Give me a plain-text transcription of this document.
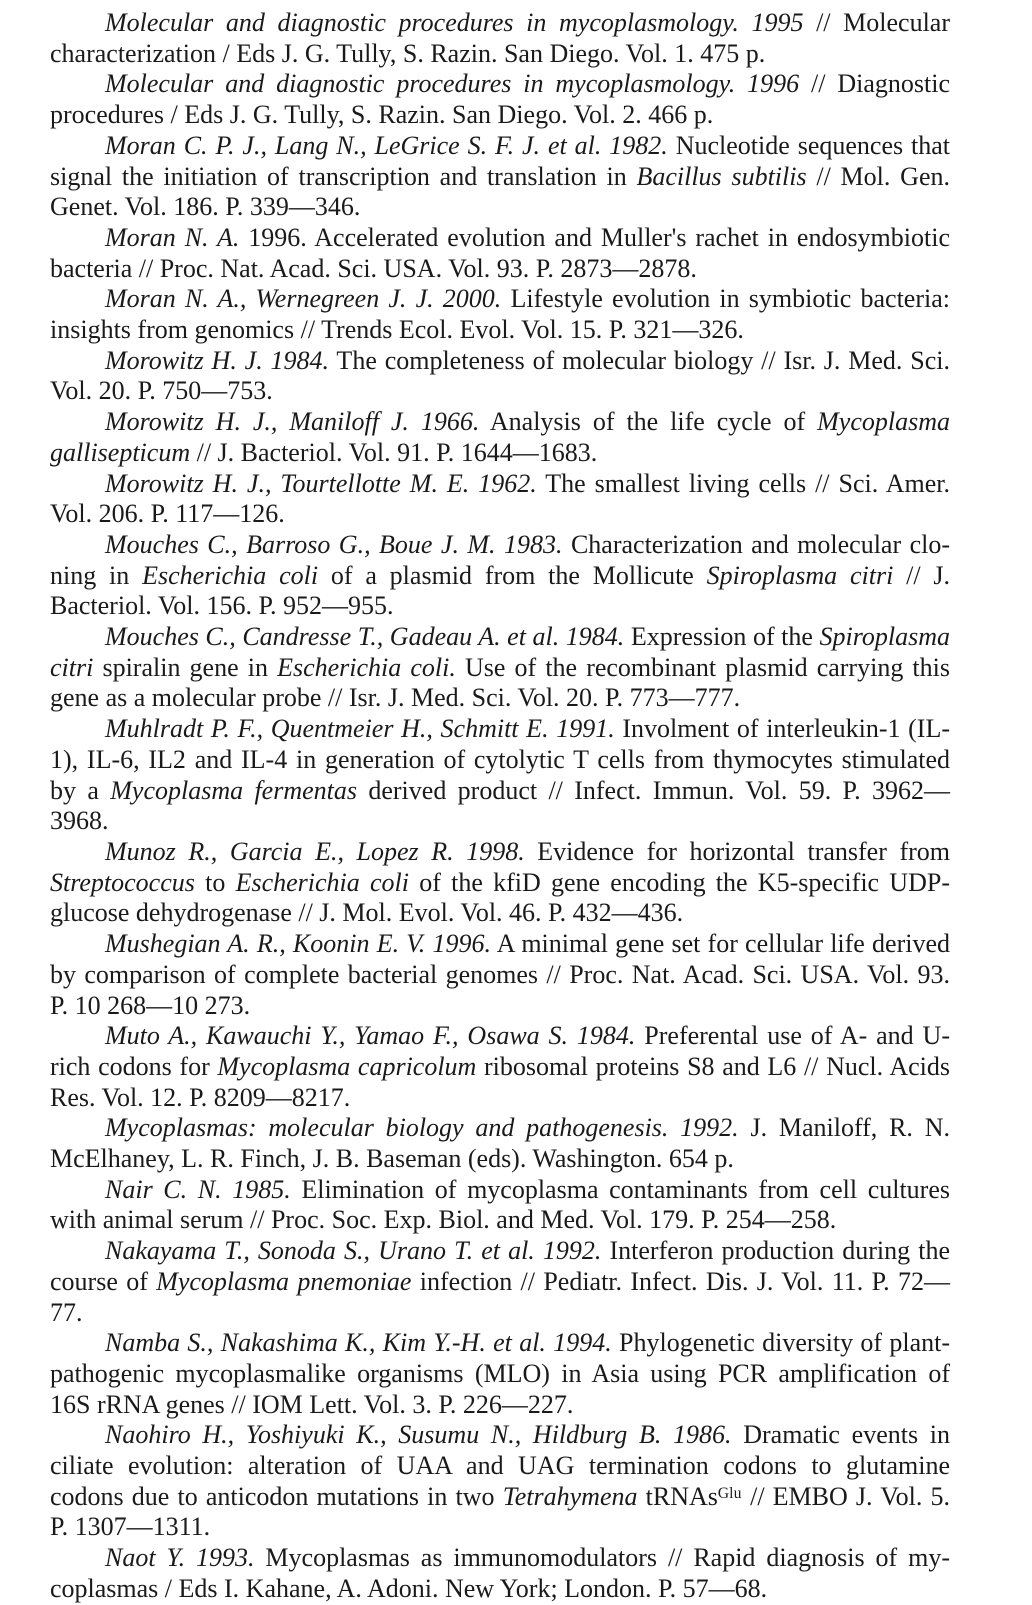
Molecular and diagnostic procedures in mycoplasmology. 1995 // Molecular characterization / Eds J. G. Tully, S. Razin. San Diego. Vol. 1. 475 p.

Molecular and diagnostic procedures in mycoplasmology. 1996 // Diagnostic procedures / Eds J. G. Tully, S. Razin. San Diego. Vol. 2. 466 p.

Moran C. P. J., Lang N., LeGrice S. F. J. et al. 1982. Nucleotide sequences that signal the initiation of transcription and translation in Bacillus subtilis // Mol. Gen. Genet. Vol. 186. P. 339—346.

Moran N. A. 1996. Accelerated evolution and Muller's rachet in endosymbiotic bacteria // Proc. Nat. Acad. Sci. USA. Vol. 93. P. 2873—2878.

Moran N. A., Wernegreen J. J. 2000. Lifestyle evolution in symbiotic bacteria: insights from genomics // Trends Ecol. Evol. Vol. 15. P. 321—326.

Morowitz H. J. 1984. The completeness of molecular biology // Isr. J. Med. Sci. Vol. 20. P. 750—753.

Morowitz H. J., Maniloff J. 1966. Analysis of the life cycle of Mycoplasma gallisepticum // J. Bacteriol. Vol. 91. P. 1644—1683.

Morowitz H. J., Tourtellotte M. E. 1962. The smallest living cells // Sci. Amer. Vol. 206. P. 117—126.

Mouches C., Barroso G., Boue J. M. 1983. Characterization and molecular cloning in Escherichia coli of a plasmid from the Mollicute Spiroplasma citri // J. Bacteriol. Vol. 156. P. 952—955.

Mouches C., Candresse T., Gadeau A. et al. 1984. Expression of the Spiroplasma citri spiralin gene in Escherichia coli. Use of the recombinant plasmid carrying this gene as a molecular probe // Isr. J. Med. Sci. Vol. 20. P. 773—777.

Muhlradt P. F., Quentmeier H., Schmitt E. 1991. Involment of interleukin-1 (IL-1), IL-6, IL2 and IL-4 in generation of cytolytic T cells from thymocytes stimulated by a Mycoplasma fermentas derived product // Infect. Immun. Vol. 59. P. 3962—3968.

Munoz R., Garcia E., Lopez R. 1998. Evidence for horizontal transfer from Streptococcus to Escherichia coli of the kfiD gene encoding the K5-specific UDP-glucose dehydrogenase // J. Mol. Evol. Vol. 46. P. 432—436.

Mushegian A. R., Koonin E. V. 1996. A minimal gene set for cellular life derived by comparison of complete bacterial genomes // Proc. Nat. Acad. Sci. USA. Vol. 93. P. 10 268—10 273.

Muto A., Kawauchi Y., Yamao F., Osawa S. 1984. Preferental use of A- and U-rich codons for Mycoplasma capricolum ribosomal proteins S8 and L6 // Nucl. Acids Res. Vol. 12. P. 8209—8217.

Mycoplasmas: molecular biology and pathogenesis. 1992. J. Maniloff, R. N. McElhaney, L. R. Finch, J. B. Baseman (eds). Washington. 654 p.

Nair C. N. 1985. Elimination of mycoplasma contaminants from cell cultures with animal serum // Proc. Soc. Exp. Biol. and Med. Vol. 179. P. 254—258.

Nakayama T., Sonoda S., Urano T. et al. 1992. Interferon production during the course of Mycoplasma pnemoniae infection // Pediatr. Infect. Dis. J. Vol. 11. P. 72—77.

Namba S., Nakashima K., Kim Y.-H. et al. 1994. Phylogenetic diversity of plant-pathogenic mycoplasmalike organisms (MLO) in Asia using PCR amplification of 16S rRNA genes // IOM Lett. Vol. 3. P. 226—227.

Naohiro H., Yoshiyuki K., Susumu N., Hildburg B. 1986. Dramatic events in ciliate evolution: alteration of UAA and UAG termination codons to glutamine codons due to anticodon mutations in two Tetrahymena tRNAsᴳˡᵘ // EMBO J. Vol. 5. P. 1307—1311.

Naot Y. 1993. Mycoplasmas as immunomodulators // Rapid diagnosis of mycoplasmas / Eds I. Kahane, A. Adoni. New York; London. P. 57—68.
